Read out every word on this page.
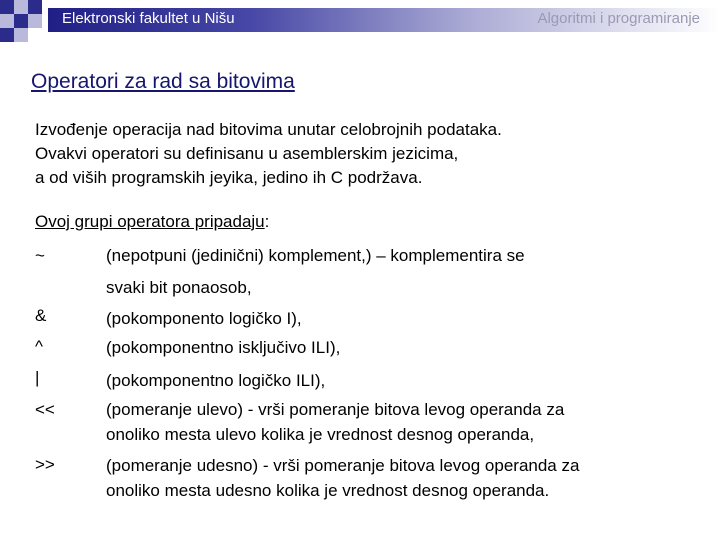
Elektronski fakultet u Nišu	Algoritmi i programiranje
Operatori za rad sa bitovima
Izvođenje operacija nad bitovima unutar celobrojnih podataka.
Ovakvi operatori su definisanu u asemblerskim jezicima,
a od viših programskih jeyika, jedino ih C podržava.
Ovoj grupi operatora pripadaju:
~	(nepotpuni (jedinični) komplement,) – komplementira se
svaki bit ponaosob,
&	(pokomponento logičko I),
^	(pokomponentno isključivo ILI),
|	(pokomponentno logičko ILI),
<<	(pomeranje ulevo) - vrši pomeranje bitova levog operanda za
onoliko mesta ulevo kolika je vrednost desnog operanda,
>>	(pomeranje udesno) - vrši pomeranje bitova levog operanda za
onoliko mesta udesno kolika je vrednost desnog operanda.
